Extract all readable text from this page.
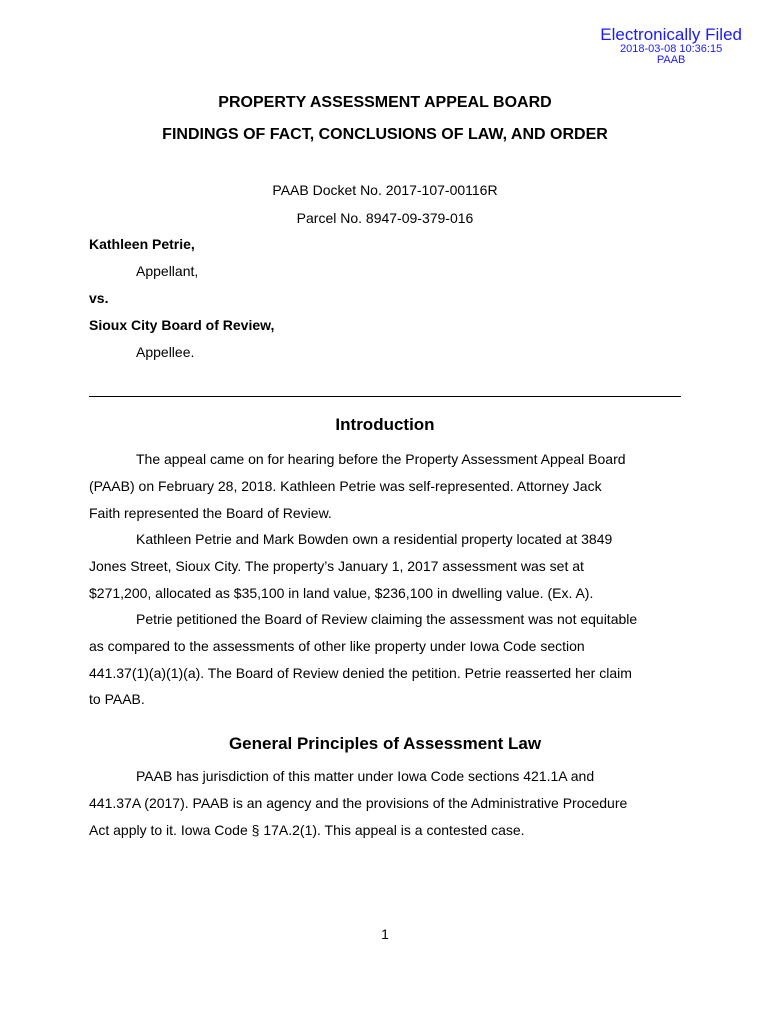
Electronically Filed
2018-03-08 10:36:15
PAAB
PROPERTY ASSESSMENT APPEAL BOARD
FINDINGS OF FACT, CONCLUSIONS OF LAW, AND ORDER
PAAB Docket No. 2017-107-00116R
Parcel No. 8947-09-379-016
Kathleen Petrie,
Appellant,
vs.
Sioux City Board of Review,
Appellee.
Introduction

The appeal came on for hearing before the Property Assessment Appeal Board
(PAAB) on February 28, 2018. Kathleen Petrie was self-represented. Attorney Jack
Faith represented the Board of Review.

Kathleen Petrie and Mark Bowden own a residential property located at 3849
Jones Street, Sioux City. The property’s January 1, 2017 assessment was set at
$271,200, allocated as $35,100 in land value, $236,100 in dwelling value. (Ex. A).

Petrie petitioned the Board of Review claiming the assessment was not equitable
as compared to the assessments of other like property under Iowa Code section
441.37(1)(a)(1)(a). The Board of Review denied the petition. Petrie reasserted her claim
to PAAB.

General Principles of Assessment Law

PAAB has jurisdiction of this matter under Iowa Code sections 421.1A and
441.37A (2017). PAAB is an agency and the provisions of the Administrative Procedure
Act apply to it. Iowa Code § 17A.2(1). This appeal is a contested case.

1
